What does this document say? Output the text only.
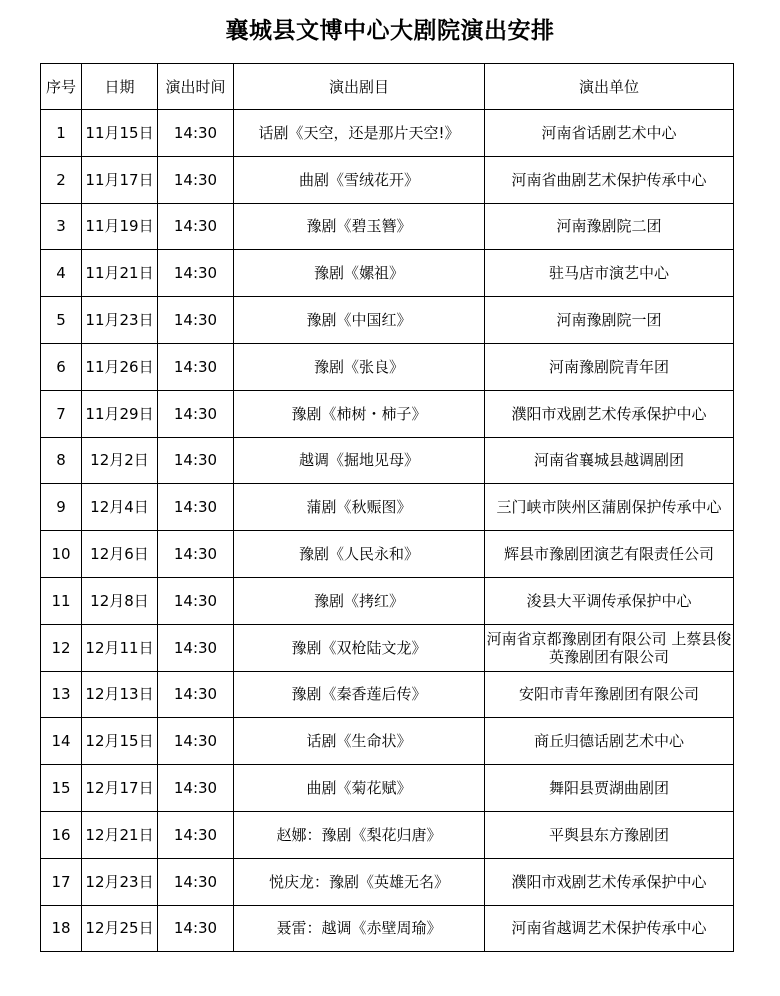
襄城县文博中心大剧院演出安排
序号	日期	演出时间	演出剧目	演出单位
1	11月15日	14:30	话剧《天空，还是那片天空!》	河南省话剧艺术中心
2	11月17日	14:30	曲剧《雪绒花开》	河南省曲剧艺术保护传承中心
3	11月19日	14:30	豫剧《碧玉簪》	河南豫剧院二团
4	11月21日	14:30	豫剧《嫘祖》	驻马店市演艺中心
5	11月23日	14:30	豫剧《中国红》	河南豫剧院一团
6	11月26日	14:30	豫剧《张良》	河南豫剧院青年团
7	11月29日	14:30	豫剧《柿树・柿子》	濮阳市戏剧艺术传承保护中心
8	12月2日	14:30	越调《掘地见母》	河南省襄城县越调剧团
9	12月4日	14:30	蒲剧《秋赈图》	三门峡市陕州区蒲剧保护传承中心
10	12月6日	14:30	豫剧《人民永和》	辉县市豫剧团演艺有限责任公司
11	12月8日	14:30	豫剧《拷红》	浚县大平调传承保护中心
12	12月11日	14:30	豫剧《双枪陆文龙》	河南省京都豫剧团有限公司 上蔡县俊英豫剧团有限公司
13	12月13日	14:30	豫剧《秦香莲后传》	安阳市青年豫剧团有限公司
14	12月15日	14:30	话剧《生命状》	商丘归德话剧艺术中心
15	12月17日	14:30	曲剧《菊花赋》	舞阳县贾湖曲剧团
16	12月21日	14:30	赵娜：豫剧《梨花归唐》	平舆县东方豫剧团
17	12月23日	14:30	悦庆龙：豫剧《英雄无名》	濮阳市戏剧艺术传承保护中心
18	12月25日	14:30	聂雷：越调《赤壁周瑜》	河南省越调艺术保护传承中心
